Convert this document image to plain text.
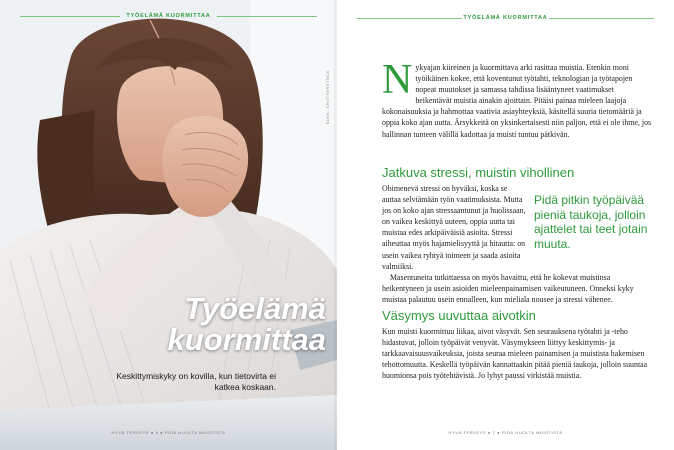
TYÖELÄMÄ KUORMITTAA
KUVA: SHUTTERSTOCK
Työelämä
kuormittaa
Keskittymiskyky on kovilla, kun tietovirta ei katkea koskaan.
HYVÄ TERVEYS ● 6 ● PIDÄ HUOLTA MUISTISTA
TYÖELÄMÄ KUORMITTAA

Nykyajan kiireinen ja kuormittava arki rasittaa muistia. Etenkin moni työikäinen kokee, että koventunut työtahti, teknologian ja työtapojen nopeat muutokset ja samassa tahdissa lisääntyneet vaatimukset heikentävät muistia ainakin ajoittain. Pitäisi painaa mieleen laajoja kokonaisuuksia ja hahmottaa vaativia asiayhteyksiä, käsitellä suuria tietomääriä ja oppia koko ajan uutta. Ärsykkeitä on yksinkertaisesti niin paljon, että ei ole ihme, jos hallinnan tunteen välillä kadottaa ja muisti tuntuu pätkivän.

Jatkuva stressi, muistin vihollinen
Pidä pitkin työpäivää pieniä taukoja, jolloin ajattelet tai teet jotain muuta.

Ohimenevä stressi on hyväksi, koska se auttaa selviämään työn vaatimuksista. Mutta jos on koko ajan stressaantunut ja huolissaan, on vaikea keskittyä uuteen, oppia uutta tai muistaa edes arkipäiväisiä asioita. Stressi aiheuttaa myös hajamielisyyttä ja hitautta: on usein vaikea ryhtyä toimeen ja saada asioita valmiiksi.

Masentuneita tutkittaessa on myös havaittu, että he kokevat muistinsa heikentyneen ja usein asioiden mieleenpainamisen vaikeutuneen. Onneksi kyky muistaa palautuu usein ennalleen, kun mieliala nousee ja stressi vähenee.

Väsymys uuvuttaa aivotkin

Kun muisti kuormittuu liikaa, aivot väsyvät. Sen seurauksena työtahti ja -teho hidastuvat, jolloin työpäivät venyvät. Väsymykseen liittyy keskittymis- ja tarkkaavaisuusvaikeuksia, joista seuraa mieleen painamisen ja muistista hakemisen tehottomuutta. Keskellä työpäivän kannattaakin pitää pieniä taukoja, jolloin suuntaa huomionsa pois työtehtävistä. Jo lyhyt paussi virkistää muistia.

HYVÄ TERVEYS ● 7 ● PIDÄ HUOLTA MUISTISTA
